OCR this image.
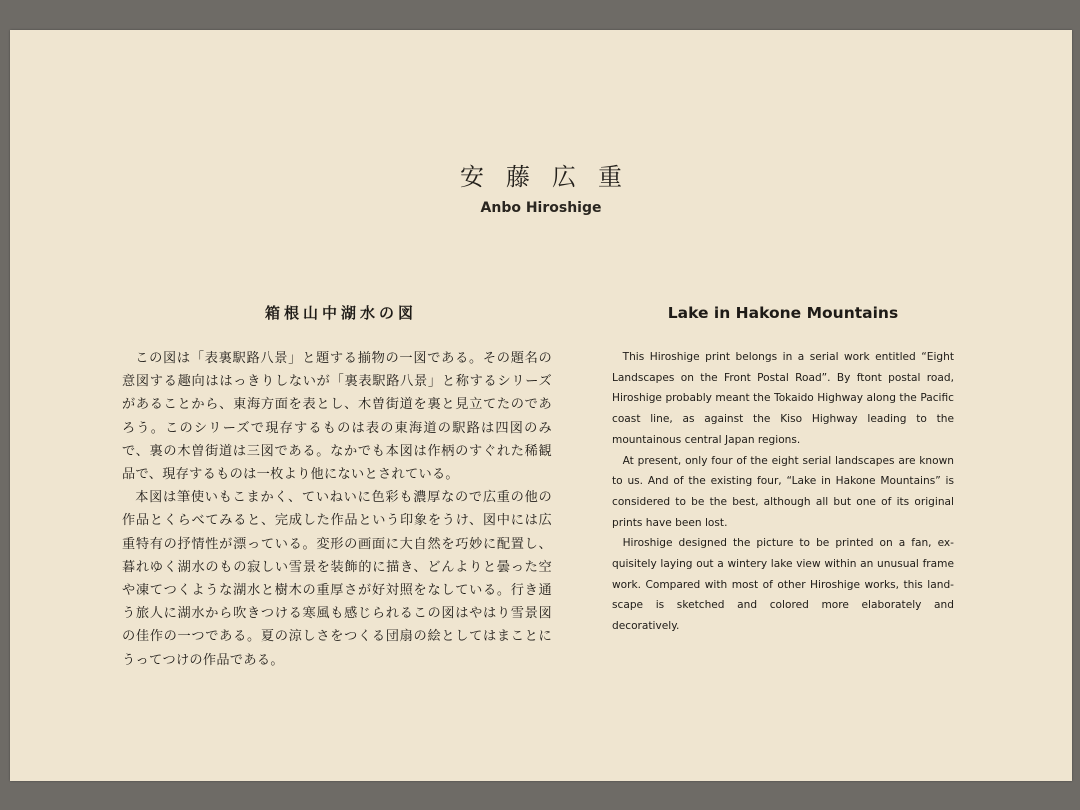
安藤広重
Anbo Hiroshige
箱根山中湖水の図

この図は「表裏駅路八景」と題する揃物の一図である。その題名の意図する趣向ははっきりしないが「裏表駅路八景」と称するシリーズがあることから、東海方面を表とし、木曽街道を裏と見立てたのであろう。このシリーズで現存するものは表の東海道の駅路は四図のみで、裏の木曽街道は三図である。なかでも本図は作柄のすぐれた稀観品で、現存するものは一枚より他にないとされている。

本図は筆使いもこまかく、ていねいに色彩も濃厚なので広重の他の作品とくらべてみると、完成した作品という印象をうけ、図中には広重特有の抒情性が漂っている。変形の画面に大自然を巧妙に配置し、暮れゆく湖水のもの寂しい雪景を装飾的に描き、どんよりと曇った空や凍てつくような湖水と樹木の重厚さが好対照をなしている。行き通う旅人に湖水から吹きつける寒風も感じられるこの図はやはり雪景図の佳作の一つである。夏の涼しさをつくる団扇の絵としてはまことにうってつけの作品である。

Lake in Hakone Mountains

This Hiroshige print belongs in a serial work entitled “Eight Landscapes on the Front Postal Road”. By ftont postal road, Hiroshige probably meant the Tokaido Highway along the Pacific coast line, as against the Kiso Highway leading to the mountainous central Japan regions.

At present, only four of the eight serial landscapes are known to us. And of the existing four, “Lake in Hakone Mountains” is considered to be the best, although all but one of its original prints have been lost.

Hiroshige designed the picture to be printed on a fan, exquisitely laying out a wintery lake view within an unusual frame work. Compared with most of other Hiroshige works, this landscape is sketched and colored more elaborately and decoratively.
